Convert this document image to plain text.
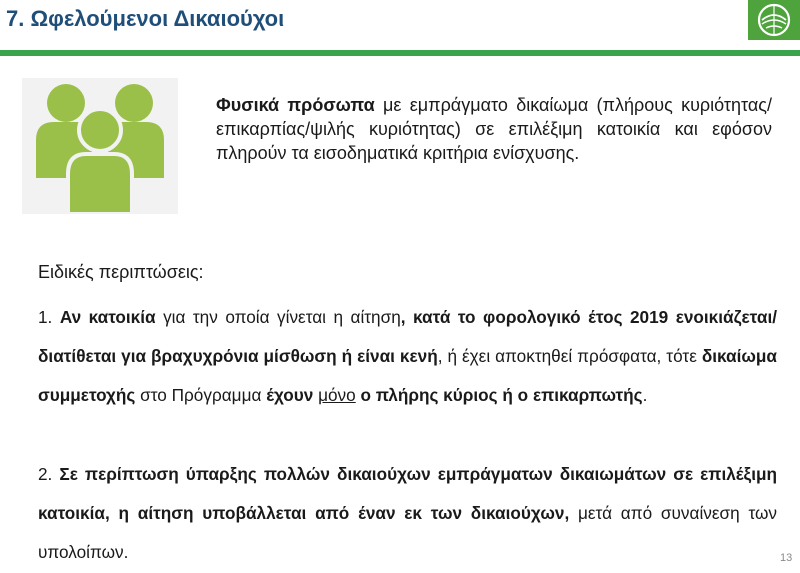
7. Ωφελούμενοι Δικαιούχοι
Φυσικά πρόσωπα με εμπράγματο δικαίωμα (πλήρους κυριότητας/επικαρπίας/ψιλής κυριότητας) σε επιλέξιμη κατοικία και εφόσον πληρούν τα εισοδηματικά κριτήρια ενίσχυσης.
Ειδικές περιπτώσεις:
1. Αν κατοικία για την οποία γίνεται η αίτηση, κατά το φορολογικό έτος 2019 ενοικιάζεται/διατίθεται για βραχυχρόνια μίσθωση ή είναι κενή, ή έχει αποκτηθεί πρόσφατα, τότε δικαίωμα συμμετοχής στο Πρόγραμμα έχουν μόνο ο πλήρης κύριος ή ο επικαρπωτής.
2. Σε περίπτωση ύπαρξης πολλών δικαιούχων εμπράγματων δικαιωμάτων σε επιλέξιμη κατοικία, η αίτηση υποβάλλεται από έναν εκ των δικαιούχων, μετά από συναίνεση των υπολοίπων.	13
